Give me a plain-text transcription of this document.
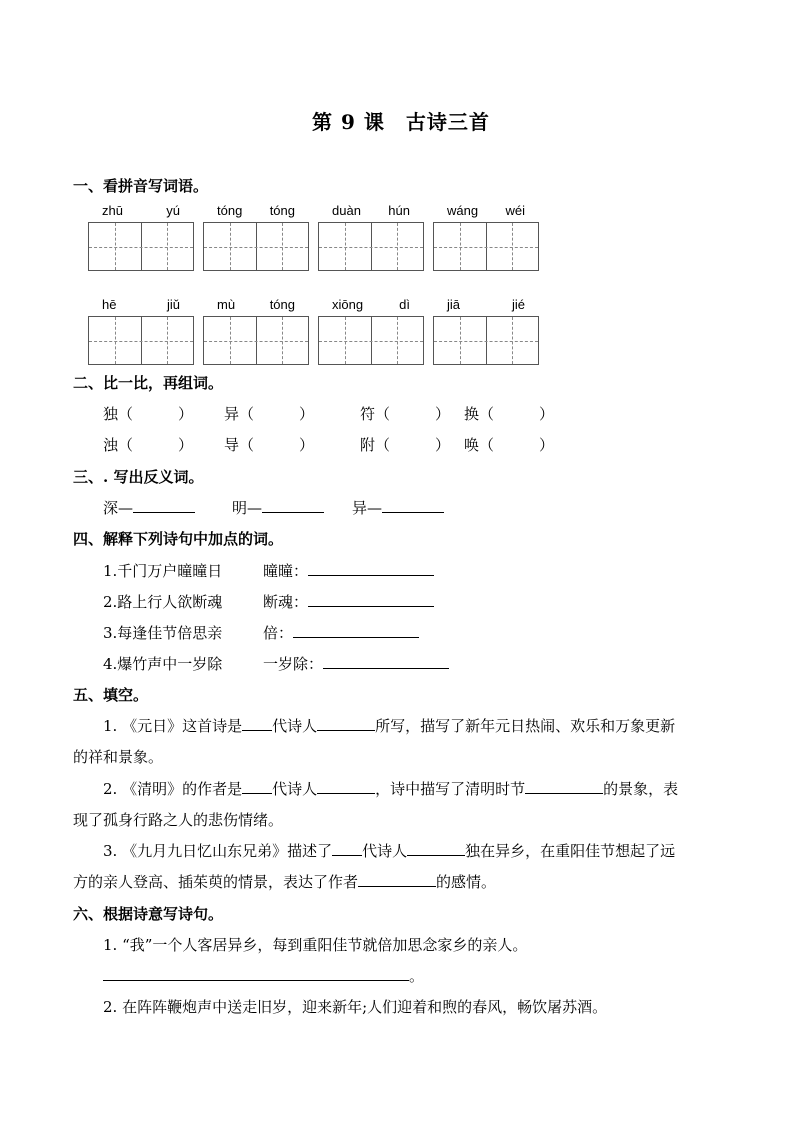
第 9 课　古诗三首
一、看拼音写词语。
zhū	yú	tóng tóng	duàn hún	wáng wéi
hē	jiǔ	mù	tóng	xiōng	dì	jiā	jié
二、比一比，再组词。
独（　　　） 异（　　　）	符（　　　） 换（　　　）
浊（　　　） 导（　　　）	附（　　　） 唤（　　　）
三、. 写出反义词。
深—	明—	异—
四、解释下列诗句中加点的词。
1.千门万户曈曈日	曈曈：
2.路上行人欲断魂	断魂：
3.每逢佳节倍思亲	倍：
4.爆竹声中一岁除	一岁除：
五、填空。
1. 《元日》这首诗是 代诗人	所写，描写了新年元日热闹、欢乐和万象更新
的祥和景象。
2. 《清明》的作者是 代诗人	，诗中描写了清明时节	的景象，表
现了孤身行路之人的悲伤情绪。
3. 《九月九日忆山东兄弟》描述了 代诗人	独在异乡，在重阳佳节想起了远
方的亲人登高、插茱萸的情景，表达了作者	的感情。
六、根据诗意写诗句。
1. “我”一个人客居异乡，每到重阳佳节就倍加思念家乡的亲人。
。
2. 在阵阵鞭炮声中送走旧岁，迎来新年;人们迎着和煦的春风，畅饮屠苏酒。
